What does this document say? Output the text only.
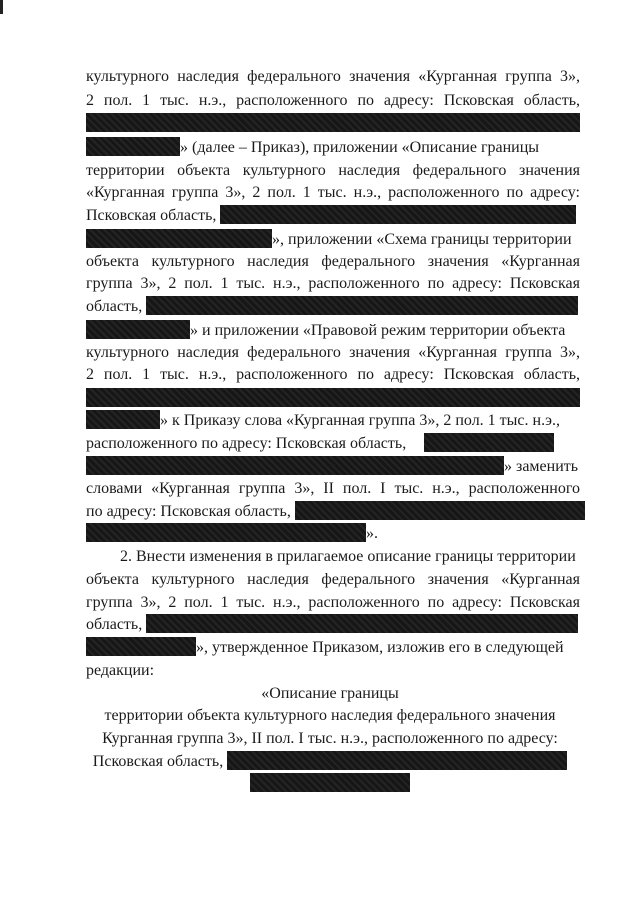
культурного наследия федерального значения «Курганная группа 3»,
2 пол. 1 тыс. н.э., расположенного по адресу: Псковская область,
» (далее – Приказ), приложении «Описание границы
территории объекта культурного наследия федерального значения
«Курганная группа 3», 2 пол. 1 тыс. н.э., расположенного по адресу:
Псковская область,
», приложении «Схема границы территории
объекта культурного наследия федерального значения «Курганная
группа 3», 2 пол. 1 тыс. н.э., расположенного по адресу: Псковская
область,
» и приложении «Правовой режим территории объекта
культурного наследия федерального значения «Курганная группа 3»,
2 пол. 1 тыс. н.э., расположенного по адресу: Псковская область,
» к Приказу слова «Курганная группа 3», 2 пол. 1 тыс. н.э.,
расположенного по адресу: Псковская область,
» заменить
словами «Курганная группа 3», II пол. I тыс. н.э., расположенного
по адресу: Псковская область,
».
2. Внести изменения в прилагаемое описание границы территории
объекта культурного наследия федерального значения «Курганная
группа 3», 2 пол. 1 тыс. н.э., расположенного по адресу: Псковская
область,
», утвержденное Приказом, изложив его в следующей
редакции:
«Описание границы
территории объекта культурного наследия федерального значения
Курганная группа 3», II пол. I тыс. н.э., расположенного по адресу:
Псковская область,
